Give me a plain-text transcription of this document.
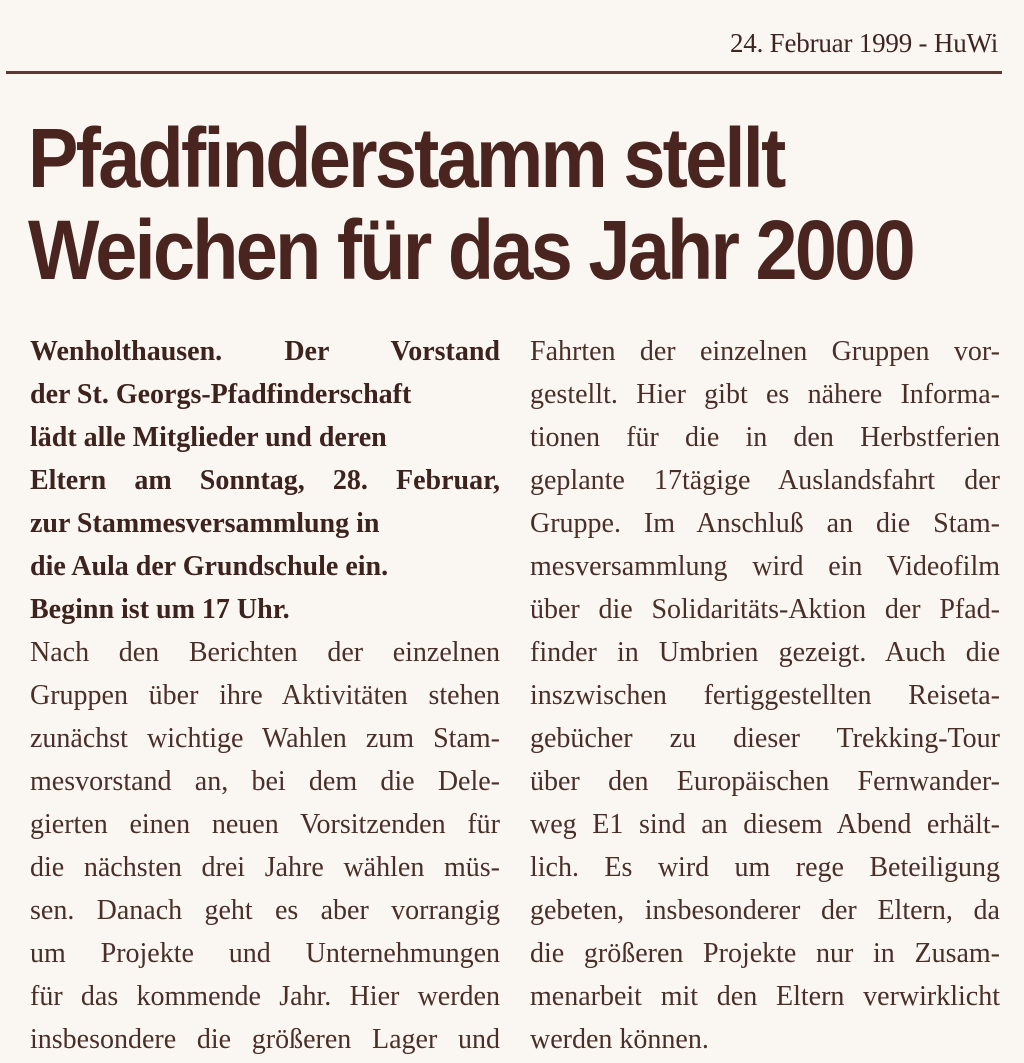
24. Februar 1999 - HuWi
Pfadfinderstamm stellt
Weichen für das Jahr 2000
Wenholthausen. Der Vorstand
der St. Georgs-Pfadfinderschaft
lädt alle Mitglieder und deren
Eltern am Sonntag, 28. Februar,
zur Stammesversammlung in
die Aula der Grundschule ein.
Beginn ist um 17 Uhr.
Nach den Berichten der einzelnen
Gruppen über ihre Aktivitäten stehen
zunächst wichtige Wahlen zum Stam-
mesvorstand an, bei dem die Dele-
gierten einen neuen Vorsitzenden für
die nächsten drei Jahre wählen müs-
sen. Danach geht es aber vorrangig
um Projekte und Unternehmungen
für das kommende Jahr. Hier werden
insbesondere die größeren Lager und
Fahrten der einzelnen Gruppen vor-
gestellt. Hier gibt es nähere Informa-
tionen für die in den Herbstferien
geplante 17tägige Auslandsfahrt der
Gruppe. Im Anschluß an die Stam-
mesversammlung wird ein Videofilm
über die Solidaritäts-Aktion der Pfad-
finder in Umbrien gezeigt. Auch die
inszwischen fertiggestellten Reiseta-
gebücher zu dieser Trekking-Tour
über den Europäischen Fernwander-
weg E1 sind an diesem Abend erhält-
lich. Es wird um rege Beteiligung
gebeten, insbesonderer der Eltern, da
die größeren Projekte nur in Zusam-
menarbeit mit den Eltern verwirklicht
werden können.
